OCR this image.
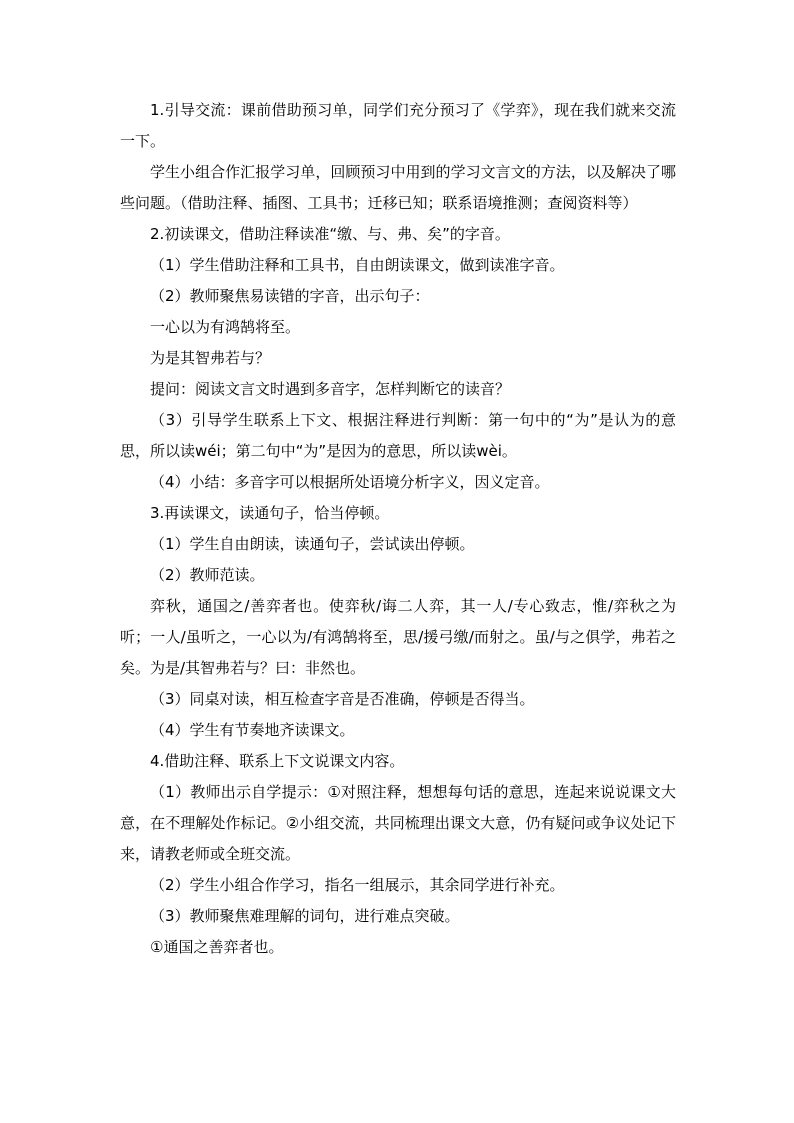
1.引导交流：课前借助预习单，同学们充分预习了《学弈》，现在我们就来交流一下。

学生小组合作汇报学习单，回顾预习中用到的学习文言文的方法，以及解决了哪些问题。（借助注释、插图、工具书；迁移已知；联系语境推测；查阅资料等）

2.初读课文，借助注释读准“缴、与、弗、矣”的字音。

（1）学生借助注释和工具书，自由朗读课文，做到读准字音。

（2）教师聚焦易读错的字音，出示句子：

一心以为有鸿鹄将至。

为是其智弗若与？

提问：阅读文言文时遇到多音字，怎样判断它的读音？

（3）引导学生联系上下文、根据注释进行判断：第一句中的“为”是认为的意思，所以读wéi；第二句中“为”是因为的意思，所以读wèi。

（4）小结：多音字可以根据所处语境分析字义，因义定音。

3.再读课文，读通句子，恰当停顿。

（1）学生自由朗读，读通句子，尝试读出停顿。

（2）教师范读。

弈秋，通国之/善弈者也。使弈秋/诲二人弈，其一人/专心致志，惟/弈秋之为听；一人/虽听之，一心以为/有鸿鹄将至，思/援弓缴/而射之。虽/与之俱学，弗若之矣。为是/其智弗若与？曰：非然也。

（3）同桌对读，相互检查字音是否准确，停顿是否得当。

（4）学生有节奏地齐读课文。

4.借助注释、联系上下文说课文内容。

（1）教师出示自学提示：①对照注释，想想每句话的意思，连起来说说课文大意，在不理解处作标记。②小组交流，共同梳理出课文大意，仍有疑问或争议处记下来，请教老师或全班交流。

（2）学生小组合作学习，指名一组展示，其余同学进行补充。

（3）教师聚焦难理解的词句，进行难点突破。

①通国之善弈者也。
